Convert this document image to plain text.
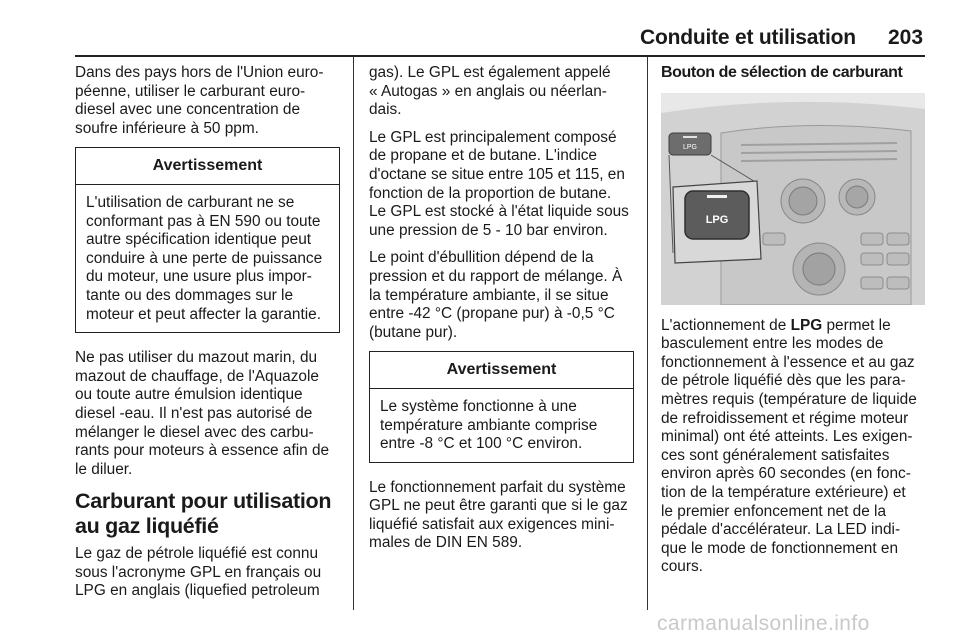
Conduite et utilisation 203

Dans des pays hors de l'Union euro-
péenne, utiliser le carburant euro-
diesel avec une concentration de
soufre inférieure à 50 ppm.

Avertissement
L'utilisation de carburant ne se
conformant pas à EN 590 ou toute
autre spécification identique peut
conduire à une perte de puissance
du moteur, une usure plus impor-
tante ou des dommages sur le
moteur et peut affecter la garantie.

Ne pas utiliser du mazout marin, du
mazout de chauffage, de l'Aquazole
ou toute autre émulsion identique
diesel -eau. Il n'est pas autorisé de
mélanger le diesel avec des carbu-
rants pour moteurs à essence afin de
le diluer.

Carburant pour utilisation
au gaz liquéfié

Le gaz de pétrole liquéfié est connu
sous l'acronyme GPL en français ou
LPG en anglais (liquefied petroleum

gas). Le GPL est également appelé
« Autogas » en anglais ou néerlan-
dais.

Le GPL est principalement composé
de propane et de butane. L'indice
d'octane se situe entre 105 et 115, en
fonction de la proportion de butane.
Le GPL est stocké à l'état liquide sous
une pression de 5 - 10 bar environ.

Le point d'ébullition dépend de la
pression et du rapport de mélange. À
la température ambiante, il se situe
entre -42 °C (propane pur) à -0,5 °C
(butane pur).

Avertissement
Le système fonctionne à une
température ambiante comprise
entre -8 °C et 100 °C environ.

Le fonctionnement parfait du système
GPL ne peut être garanti que si le gaz
liquéfié satisfait aux exigences mini-
males de DIN EN 589.

Bouton de sélection de carburant
LPG
LPG

L'actionnement de LPG permet le
basculement entre les modes de
fonctionnement à l'essence et au gaz
de pétrole liquéfié dès que les para-
mètres requis (température de liquide
de refroidissement et régime moteur
minimal) ont été atteints. Les exigen-
ces sont généralement satisfaites
environ après 60 secondes (en fonc-
tion de la température extérieure) et
le premier enfoncement net de la
pédale d'accélérateur. La LED indi-
que le mode de fonctionnement en
cours.

carmanualsonline.info
